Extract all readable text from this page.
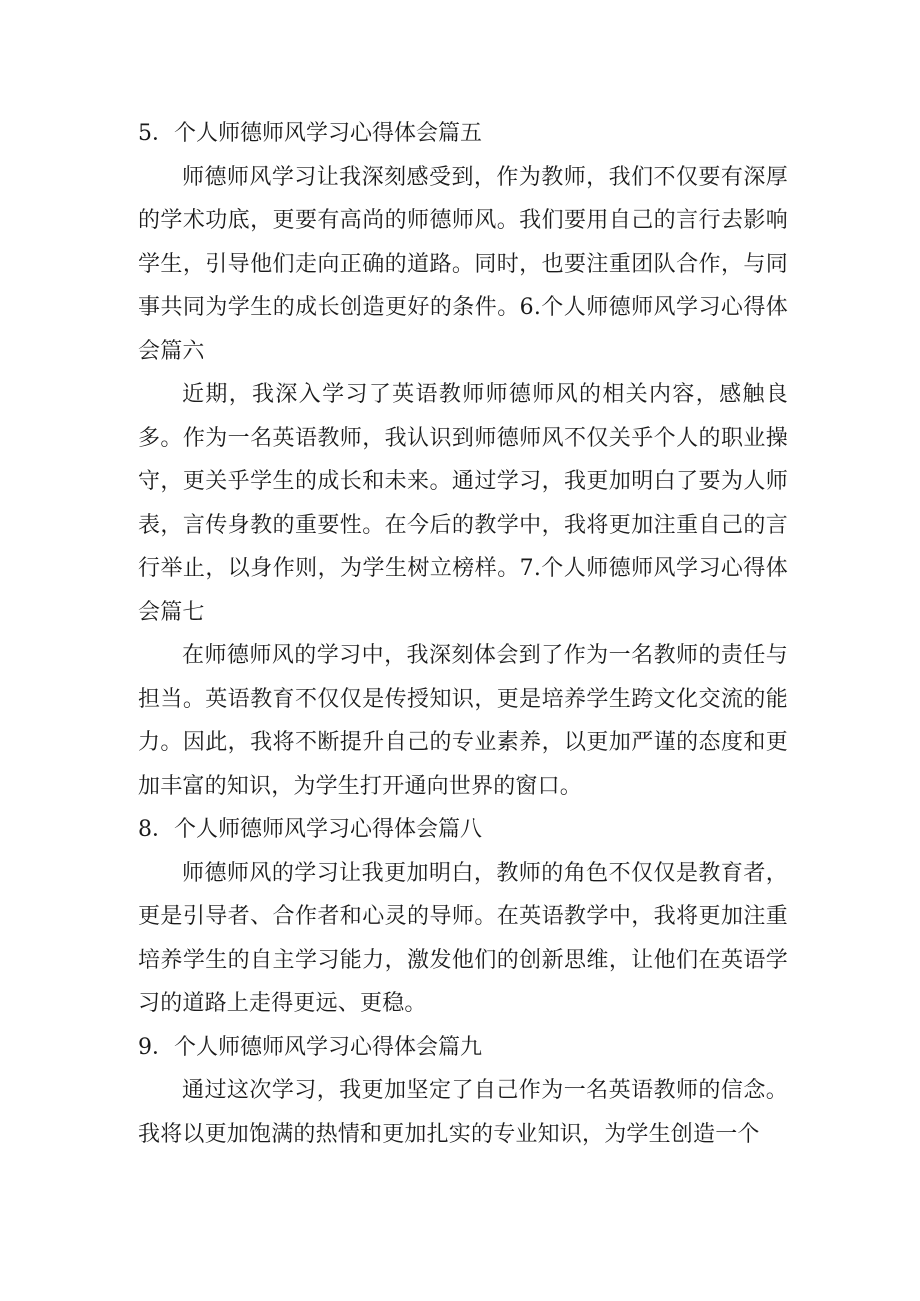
5．个人师德师风学习心得体会篇五

师德师风学习让我深刻感受到，作为教师，我们不仅要有深厚的学术功底，更要有高尚的师德师风。我们要用自己的言行去影响学生，引导他们走向正确的道路。同时，也要注重团队合作，与同事共同为学生的成长创造更好的条件。6.个人师德师风学习心得体会篇六

近期，我深入学习了英语教师师德师风的相关内容，感触良多。作为一名英语教师，我认识到师德师风不仅关乎个人的职业操守，更关乎学生的成长和未来。通过学习，我更加明白了要为人师表，言传身教的重要性。在今后的教学中，我将更加注重自己的言行举止，以身作则，为学生树立榜样。7.个人师德师风学习心得体会篇七

在师德师风的学习中，我深刻体会到了作为一名教师的责任与担当。英语教育不仅仅是传授知识，更是培养学生跨文化交流的能力。因此，我将不断提升自己的专业素养，以更加严谨的态度和更加丰富的知识，为学生打开通向世界的窗口。

8．个人师德师风学习心得体会篇八

师德师风的学习让我更加明白，教师的角色不仅仅是教育者，更是引导者、合作者和心灵的导师。在英语教学中，我将更加注重培养学生的自主学习能力，激发他们的创新思维，让他们在英语学习的道路上走得更远、更稳。

9．个人师德师风学习心得体会篇九

通过这次学习，我更加坚定了自己作为一名英语教师的信念。我将以更加饱满的热情和更加扎实的专业知识，为学生创造一个
